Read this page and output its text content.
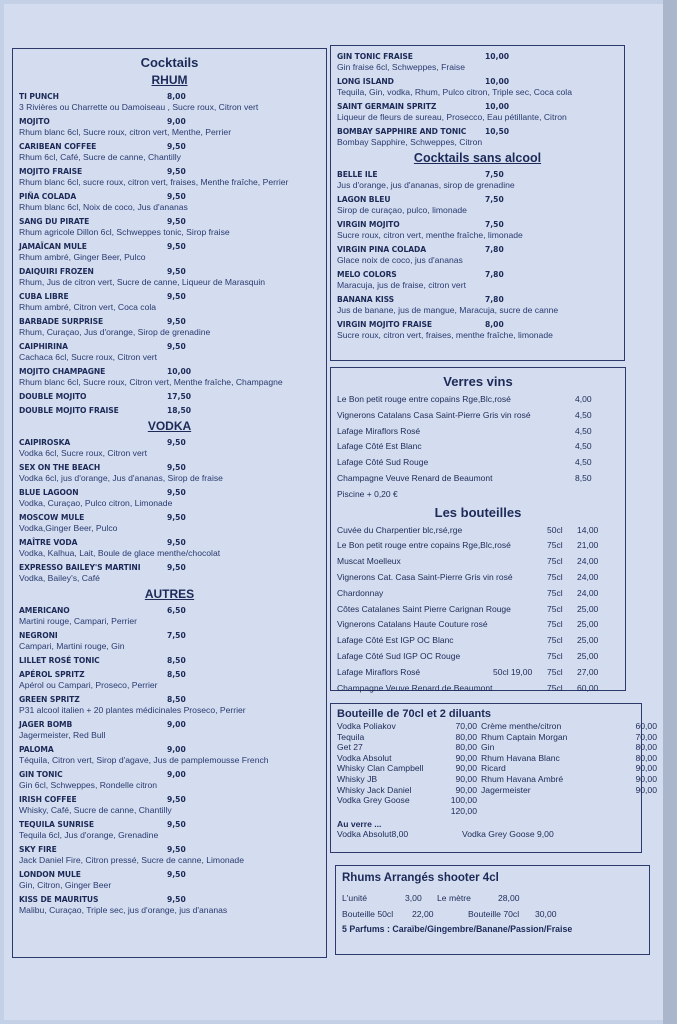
Cocktails
RHUM
TI PUNCH	8,00
3 Rivières ou Charrette ou Damoiseau , Sucre roux, Citron vert
MOJITO	9,00
Rhum blanc 6cl, Sucre roux, citron vert, Menthe, Perrier
CARIBEAN COFFEE	9,50
Rhum 6cl, Café, Sucre de canne, Chantilly
MOJITO FRAISE	9,50
Rhum blanc 6cl, sucre roux, citron vert, fraises, Menthe fraîche, Perrier
PIÑA COLADA	9,50
Rhum blanc 6cl, Noix de coco, Jus d'ananas
SANG DU PIRATE	9,50
Rhum agricole Dillon 6cl, Schweppes tonic, Sirop fraise
JAMAÏCAN MULE	9,50
Rhum ambré, Ginger Beer, Pulco
DAIQUIRI FROZEN	9,50
Rhum, Jus de citron vert, Sucre de canne, Liqueur de Marasquin
CUBA LIBRE	9,50
Rhum ambré, Citron vert, Coca cola
BARBADE SURPRISE	9,50
Rhum, Curaçao, Jus d'orange, Sirop de grenadine
CAIPHIRINA	9,50
Cachaca 6cl, Sucre roux, Citron vert
MOJITO CHAMPAGNE	10,00
Rhum blanc 6cl, Sucre roux, Citron vert, Menthe fraîche, Champagne
DOUBLE MOJITO	17,50
DOUBLE MOJITO FRAISE	18,50
VODKA
CAIPIROSKA	9,50
Vodka 6cl, Sucre roux, Citron vert
SEX ON THE BEACH	9,50
Vodka 6cl, jus d'orange, Jus d'ananas, Sirop de fraise
BLUE LAGOON	9,50
Vodka, Curaçao, Pulco citron, Limonade
MOSCOW MULE	9,50
Vodka,Ginger Beer, Pulco
MAÎTRE VODA	9,50
Vodka, Kalhua, Lait, Boule de glace menthe/chocolat
EXPRESSO BAILEY'S MARTINI	9,50
Vodka, Bailey's, Café
AUTRES
AMERICANO	6,50
Martini rouge, Campari, Perrier
NEGRONI	7,50
Campari, Martini rouge, Gin
LILLET ROSÉ TONIC	8,50
APÉROL SPRITZ	8,50
Apérol ou Campari, Proseco, Perrier
GREEN SPRITZ	8,50
P31 alcool italien + 20 plantes médicinales Proseco, Perrier
JAGER BOMB	9,00
Jagermeister, Red Bull
PALOMA	9,00
Téquila, Citron vert, Sirop d'agave, Jus de pamplemousse French
GIN TONIC	9,00
Gin 6cl, Schweppes, Rondelle citron
IRISH COFFEE	9,50
Whisky, Café, Sucre de canne, Chantilly
TEQUILA SUNRISE	9,50
Tequila 6cl, Jus d'orange, Grenadine
SKY FIRE	9,50
Jack Daniel Fire, Citron pressé, Sucre de canne, Limonade
LONDON MULE	9,50
Gin, Citron, Ginger Beer
KISS DE MAURITUS	9,50
Malibu, Curaçao, Triple sec, jus d'orange, jus d'ananas
GIN TONIC FRAISE	10,00
Gin fraise 6cl, Schweppes, Fraise
LONG ISLAND	10,00
Tequila, Gin, vodka, Rhum, Pulco citron, Triple sec, Coca cola
SAINT GERMAIN SPRITZ	10,00
Liqueur de fleurs de sureau, Prosecco, Eau pétillante, Citron
BOMBAY SAPPHIRE AND TONIC	10,50
Bombay Sapphire, Schweppes, Citron
Cocktails sans alcool
BELLE ILE	7,50
Jus d'orange, jus d'ananas, sirop de grenadine
LAGON BLEU	7,50
Sirop de curaçao, pulco, limonade
VIRGIN MOJITO	7,50
Sucre roux, citron vert, menthe fraîche, limonade
VIRGIN PINA COLADA	7,80
Glace noix de coco, jus d'ananas
MELO COLORS	7,80
Maracuja, jus de fraise, citron vert
BANANA KISS	7,80
Jus de banane, jus de mangue, Maracuja, sucre de canne
VIRGIN MOJITO FRAISE	8,00
Sucre roux, citron vert, fraises, menthe fraîche, limonade
Verres vins
Le Bon petit rouge entre copains Rge,Blc,rosé	4,00
Vignerons Catalans Casa Saint-Pierre Gris vin rosé	4,50
Lafage Miraflors Rosé	4,50
Lafage Côté Est Blanc	4,50
Lafage Côté Sud Rouge	4,50
Champagne Veuve Renard de Beaumont	8,50
Piscine + 0,20 €
Les bouteilles
Cuvée du Charpentier blc,rsé,rge	50cl 14,00
Le Bon petit rouge entre copains Rge,Blc,rosé	75cl 21,00
Muscat Moelleux	75cl 24,00
Vignerons Cat. Casa Saint-Pierre Gris vin rosé	75cl 24,00
Chardonnay	75cl 24,00
Côtes Catalanes Saint Pierre Carignan Rouge	75cl 25,00
Vignerons Catalans Haute Couture rosé	75cl 25,00
Lafage Côté Est IGP OC Blanc	75cl 25,00
Lafage Côté Sud IGP OC Rouge	75cl 25,00
Lafage Miraflors Rosé	50cl 19,00 75cl 27,00
Champagne Veuve Renard de Beaumont	75cl 60,00
Bouteille de 70cl et 2 diluants
Vodka Poliakov	70,00 Crème menthe/citron	60,00
Tequila	80,00 Rhum Captain Morgan	70,00
Get 27	80,00 Gin	80,00
Vodka Absolut	90,00 Rhum Havana Blanc	80,00
Whisky Clan Campbell	90,00 Ricard	90,00
Whisky JB	90,00 Rhum Havana Ambré	90,00
Whisky Jack Daniel	90,00 Jagermeister	90,00
Vodka Grey Goose	100,00
120,00
Au verre ...
Vodka Absolut8,00	Vodka Grey Goose 9,00
Rhums Arrangés shooter 4cl
L'unité	3,00 Le mètre	28,00
Bouteille 50cl 22,00	Bouteille 70cl 30,00
5 Parfums : Caraïbe/Gingembre/Banane/Passion/Fraise
